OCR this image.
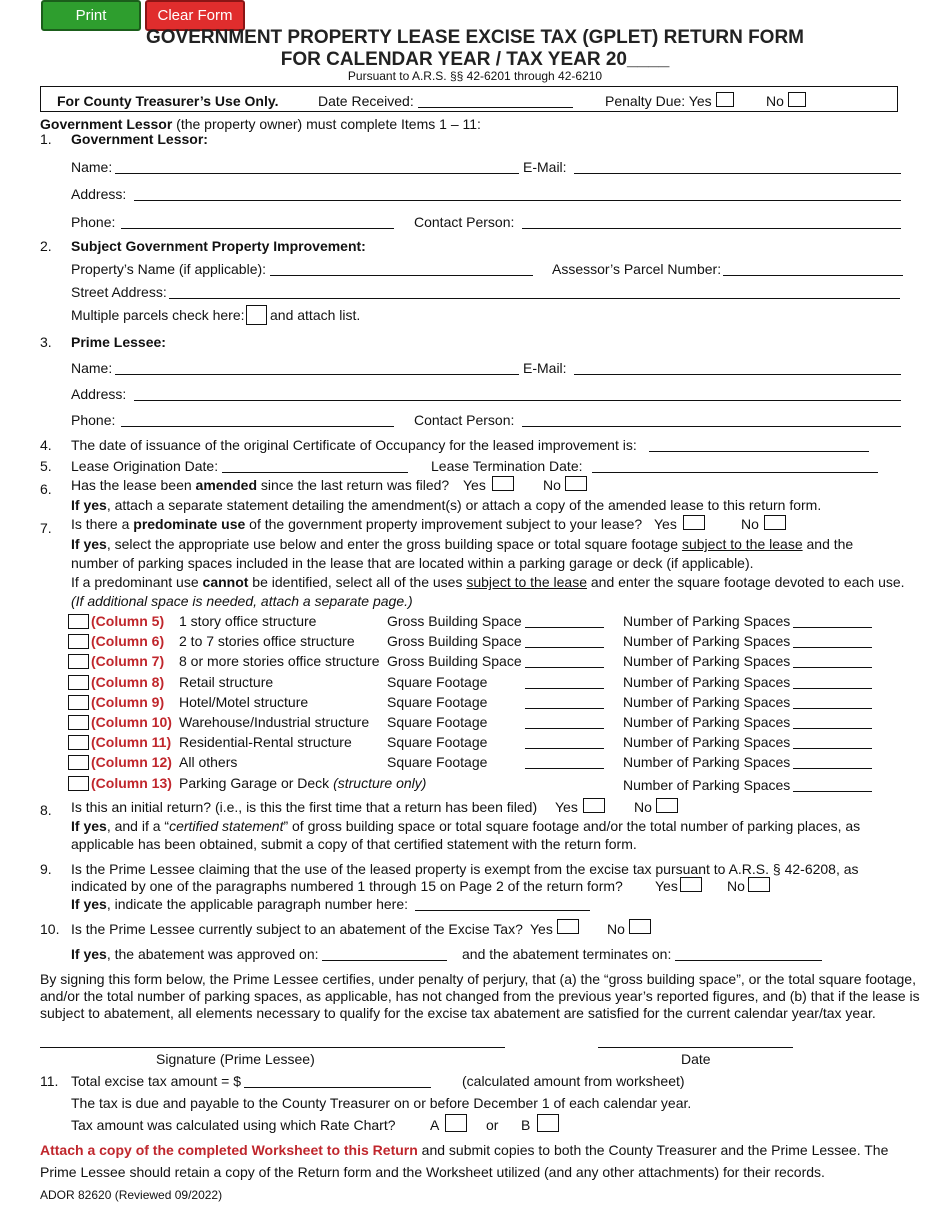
Print	Clear Form
GOVERNMENT PROPERTY LEASE EXCISE TAX (GPLET) RETURN FORM
FOR CALENDAR YEAR / TAX YEAR 20____
Pursuant to A.R.S. §§ 42-6201 through 42-6210
For County Treasurer’s Use Only.	Date Received:	Penalty Due: Yes	No
Government Lessor (the property owner) must complete Items 1 – 11:
1. Government Lessor:
Name:	E-Mail:
Address:
Phone:	Contact Person:
2. Subject Government Property Improvement:
Property’s Name (if applicable):	Assessor’s Parcel Number:
Street Address:
Multiple parcels check here: and attach list.
3. Prime Lessee:
Name:	E-Mail:
Address:
Phone:	Contact Person:
4. The date of issuance of the original Certificate of Occupancy for the leased improvement is:
5. Lease Origination Date:	Lease Termination Date:
6. Has the lease been amended since the last return was filed? Yes	No
If yes, attach a separate statement detailing the amendment(s) or attach a copy of the amended lease to this return form.
7. Is there a predominate use of the government property improvement subject to your lease? Yes	No
If yes, select the appropriate use below and enter the gross building space or total square footage subject to the lease and the
number of parking spaces included in the lease that are located within a parking garage or deck (if applicable).
If a predominant use cannot be identified, select all of the uses subject to the lease and enter the square footage devoted to each use.
(If additional space is needed, attach a separate page.)
(Column 5) 1 story office structure	Gross Building Space	Number of Parking Spaces
(Column 6) 2 to 7 stories office structure Gross Building Space	Number of Parking Spaces
(Column 7) 8 or more stories office structure Gross Building Space	Number of Parking Spaces
(Column 8) Retail structure	Square Footage	Number of Parking Spaces
(Column 9) Hotel/Motel structure	Square Footage	Number of Parking Spaces
(Column 10) Warehouse/Industrial structure Square Footage	Number of Parking Spaces
(Column 11) Residential-Rental structure	Square Footage	Number of Parking Spaces
(Column 12) All others	Square Footage	Number of Parking Spaces
(Column 13) Parking Garage or Deck (structure only)	Number of Parking Spaces
8. Is this an initial return? (i.e., is this the first time that a return has been filed) Yes	No
If yes, and if a “certified statement” of gross building space or total square footage and/or the total number of parking places, as
applicable has been obtained, submit a copy of that certified statement with the return form.
9. Is the Prime Lessee claiming that the use of the leased property is exempt from the excise tax pursuant to A.R.S. § 42-6208, as
indicated by one of the paragraphs numbered 1 through 15 on Page 2 of the return form? Yes	No
If yes, indicate the applicable paragraph number here:
10. Is the Prime Lessee currently subject to an abatement of the Excise Tax? Yes	No
If yes, the abatement was approved on:	and the abatement terminates on:
By signing this form below, the Prime Lessee certifies, under penalty of perjury, that (a) the “gross building space”, or the total square footage, and/or the total number of parking spaces, as applicable, has not changed from the previous year’s reported figures, and (b) that if the lease is subject to abatement, all elements necessary to qualify for the excise tax abatement are satisfied for the current calendar year/tax year.
Signature (Prime Lessee)	Date
11. Total excise tax amount = $	(calculated amount from worksheet)
The tax is due and payable to the County Treasurer on or before December 1 of each calendar year.
Tax amount was calculated using which Rate Chart? A	or B
Attach a copy of the completed Worksheet to this Return and submit copies to both the County Treasurer and the Prime Lessee. The Prime Lessee should retain a copy of the Return form and the Worksheet utilized (and any other attachments) for their records.
ADOR 82620 (Reviewed 09/2022)
